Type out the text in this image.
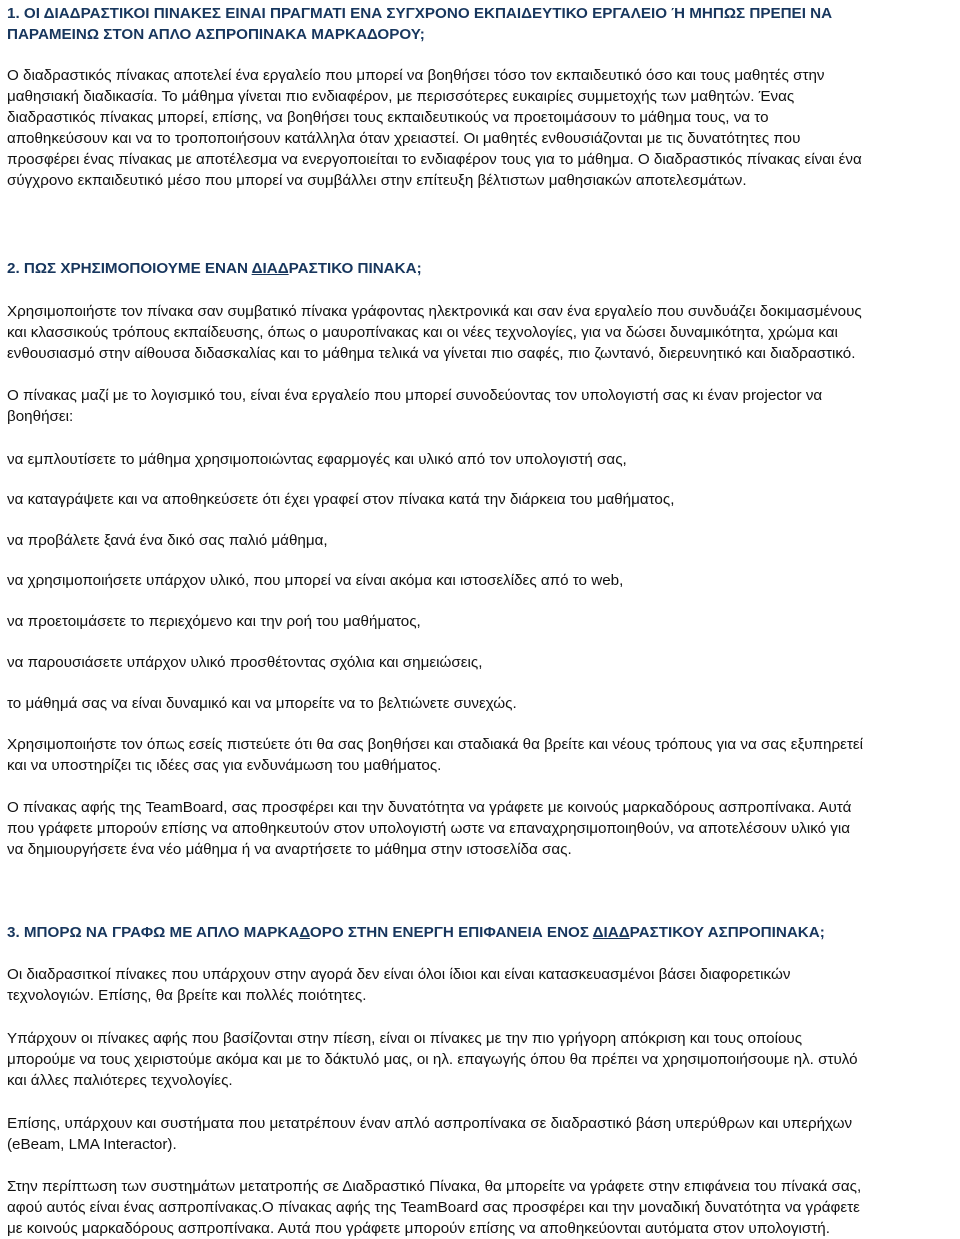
1. ΟΙ ΔΙΑΔΡΑΣΤΙΚΟΙ ΠΙΝΑΚΕΣ ΕΙΝΑΙ ΠΡΑΓΜΑΤΙ ΕΝΑ ΣΥΓΧΡΟΝΟ ΕΚΠΑΙΔΕΥΤΙΚΟ ΕΡΓΑΛΕΙΟ Ή ΜΗΠΩΣ ΠΡΕΠΕΙ ΝΑ

ΠΑΡΑΜΕΙΝΩ ΣΤΟΝ ΑΠΛΟ ΑΣΠΡΟΠΙΝΑΚΑ ΜΑΡΚΑΔΟΡΟΥ;

Ο διαδραστικός πίνακας αποτελεί ένα εργαλείο που μπορεί να βοηθήσει τόσο τον εκπαιδευτικό όσο και τους μαθητές στην

μαθησιακή διαδικασία. Το μάθημα γίνεται πιο ενδιαφέρον, με περισσότερες ευκαιρίες συμμετοχής των μαθητών. Ένας

διαδραστικός πίνακας μπορεί, επίσης, να βοηθήσει τους εκπαιδευτικούς να προετοιμάσουν το μάθημα τους, να το

αποθηκεύσουν και να το τροποποιήσουν κατάλληλα όταν χρειαστεί. Οι μαθητές ενθουσιάζονται με τις δυνατότητες που

προσφέρει ένας πίνακας με αποτέλεσμα να ενεργοποιείται το ενδιαφέρον τους για το μάθημα. Ο διαδραστικός πίνακας είναι ένα

σύγχρονο εκπαιδευτικό μέσο που μπορεί να συμβάλλει στην επίτευξη βέλτιστων μαθησιακών αποτελεσμάτων.

2. ΠΩΣ ΧΡΗΣΙΜΟΠΟΙΟΥΜΕ ΕΝΑΝ ΔΙΑΔΡΑΣΤΙΚΟ ΠΙΝΑΚΑ;

Χρησιμοποιήστε τον πίνακα σαν συμβατικό πίνακα γράφοντας ηλεκτρονικά και σαν ένα εργαλείο που συνδυάζει δοκιμασμένους

και κλασσικούς τρόπους εκπαίδευσης, όπως ο μαυροπίνακας και οι νέες τεχνολογίες, για να δώσει δυναμικότητα, χρώμα και

ενθουσιασμό στην αίθουσα διδασκαλίας και το μάθημα τελικά να γίνεται πιο σαφές, πιο ζωντανό, διερευνητικό και διαδραστικό.

Ο πίνακας μαζί με το λογισμικό του, είναι ένα εργαλείο που μπορεί συνοδεύοντας τον υπολογιστή σας κι έναν projector να

βοηθήσει:

να εμπλουτίσετε το μάθημα χρησιμοποιώντας εφαρμογές και υλικό από τον υπολογιστή σας,

να καταγράψετε και να αποθηκεύσετε ότι έχει γραφεί στον πίνακα κατά την διάρκεια του μαθήματος,

να προβάλετε ξανά ένα δικό σας παλιό μάθημα,

να χρησιμοποιήσετε υπάρχον υλικό, που μπορεί να είναι ακόμα και ιστοσελίδες από το web,

να προετοιμάσετε το περιεχόμενο και την ροή του μαθήματος,

να παρουσιάσετε υπάρχον υλικό προσθέτοντας σχόλια και σημειώσεις,

το μάθημά σας να είναι δυναμικό και να μπορείτε να το βελτιώνετε συνεχώς.

Χρησιμοποιήστε τον όπως εσείς πιστεύετε ότι θα σας βοηθήσει και σταδιακά θα βρείτε και νέους τρόπους για να σας εξυπηρετεί

και να υποστηρίζει τις ιδέες σας για ενδυνάμωση του μαθήματος.

Ο πίνακας αφής της TeamBoard, σας προσφέρει και την δυνατότητα να γράφετε με κοινούς μαρκαδόρους ασπροπίνακα. Αυτά

που γράφετε μπορούν επίσης να αποθηκευτούν στον υπολογιστή ωστε να επαναχρησιμοποιηθούν, να αποτελέσουν υλικό για

να δημιουργήσετε ένα νέο μάθημα ή να αναρτήσετε το μάθημα στην ιστοσελίδα σας.

3. ΜΠΟΡΩ ΝΑ ΓΡΑΦΩ ΜΕ ΑΠΛΟ ΜΑΡΚΑΔΟΡΟ ΣΤΗΝ ΕΝΕΡΓΗ ΕΠΙΦΑΝΕΙΑ ΕΝΟΣ ΔΙΑΔΡΑΣΤΙΚΟΥ ΑΣΠΡΟΠΙΝΑΚΑ;

Οι διαδρασιτκοί πίνακες που υπάρχουν στην αγορά δεν είναι όλοι ίδιοι και είναι κατασκευασμένοι βάσει διαφορετικών

τεχνολογιών. Επίσης, θα βρείτε και πολλές ποιότητες.

Υπάρχουν οι πίνακες αφής που βασίζονται στην πίεση, είναι οι πίνακες με την πιο γρήγορη απόκριση και τους οποίους

μπορούμε να τους χειριστούμε ακόμα και με το δάκτυλό μας, οι ηλ. επαγωγής όπου θα πρέπει να χρησιμοποιήσουμε ηλ. στυλό

και άλλες παλιότερες τεχνολογίες.

Επίσης, υπάρχουν και συστήματα που μετατρέπουν έναν απλό ασπροπίνακα σε διαδραστικό βάση υπερύθρων και υπερήχων

(eBeam, LMA Interactor).

Στην περίπτωση των συστημάτων μετατροπής σε Διαδραστικό Πίνακα, θα μπορείτε να γράφετε στην επιφάνεια του πίνακά σας,

αφού αυτός είναι ένας ασπροπίνακας.Ο πίνακας αφής της TeamBoard σας προσφέρει και την μοναδική δυνατότητα να γράφετε

με κοινούς μαρκαδόρους ασπροπίνακα. Αυτά που γράφετε μπορούν επίσης να αποθηκεύονται αυτόματα στον υπολογιστή.
